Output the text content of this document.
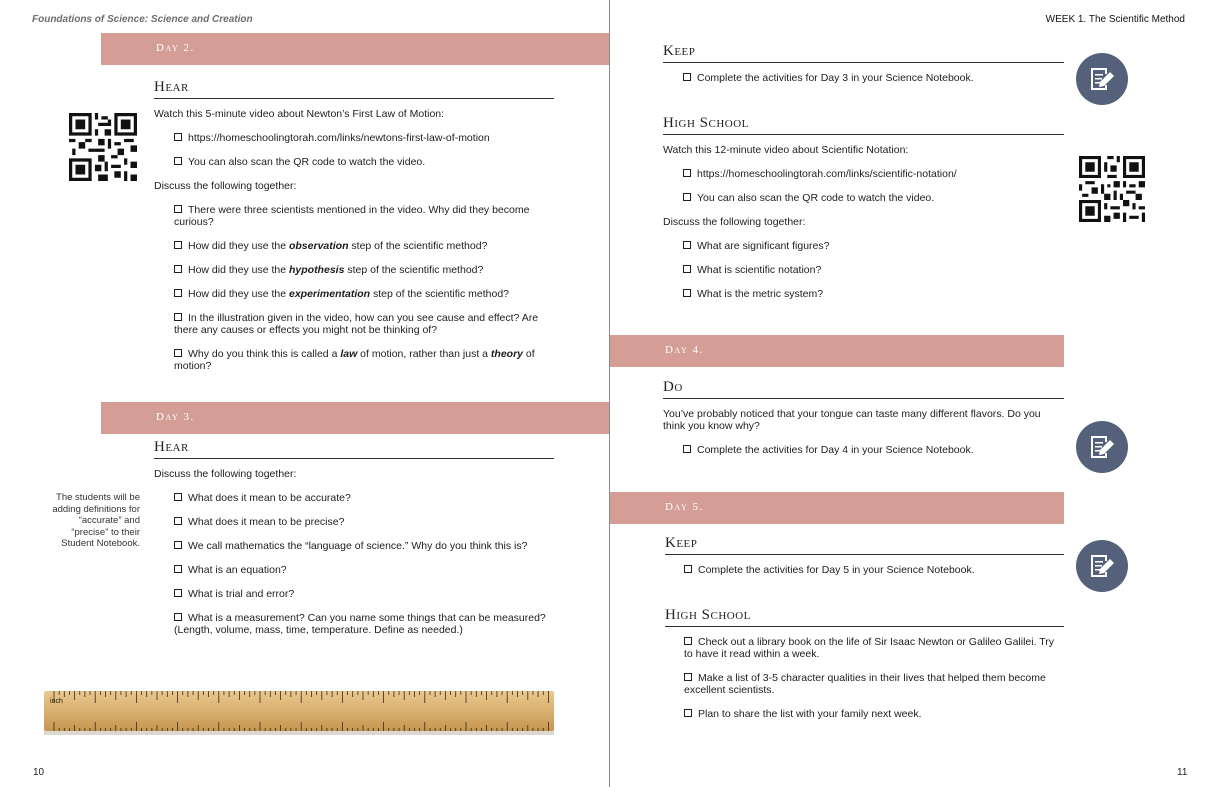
Foundations of Science: Science and Creation	WEEK 1. The Scientific Method
Day 2.
Hear
Watch this 5-minute video about Newton’s First Law of Motion:
https://homeschoolingtorah.com/links/newtons-first-law-of-motion
You can also scan the QR code to watch the video.
Discuss the following together:
There were three scientists mentioned in the video. Why did they become curious?
How did they use the observation step of the scientific method?
How did they use the hypothesis step of the scientific method?
How did they use the experimentation step of the scientific method?
In the illustration given in the video, how can you see cause and effect? Are there any causes or effects you might not be thinking of?
Why do you think this is called a law of motion, rather than just a theory of motion?
Day 3.
Hear
Discuss the following together:
The students will be adding definitions for “accurate” and “precise” to their Student Notebook.
What does it mean to be accurate?
What does it mean to be precise?
We call mathematics the “language of science.” Why do you think this is?
What is an equation?
What is trial and error?
What is a measurement? Can you name some things that can be measured? (Length, volume, mass, time, temperature. Define as needed.)
inch
10
Keep
Complete the activities for Day 3 in your Science Notebook.
High School
Watch this 12-minute video about Scientific Notation:
https://homeschoolingtorah.com/links/scientific-notation/
You can also scan the QR code to watch the video.
Discuss the following together:
What are significant figures?
What is scientific notation?
What is the metric system?
Day 4.
Do
You’ve probably noticed that your tongue can taste many different flavors. Do you think you know why?
Complete the activities for Day 4 in your Science Notebook.
Day 5.
Keep
Complete the activities for Day 5 in your Science Notebook.
High School
Check out a library book on the life of Sir Isaac Newton or Galileo Galilei. Try to have it read within a week.
Make a list of 3-5 character qualities in their lives that helped them become excellent scientists.
Plan to share the list with your family next week.
11
